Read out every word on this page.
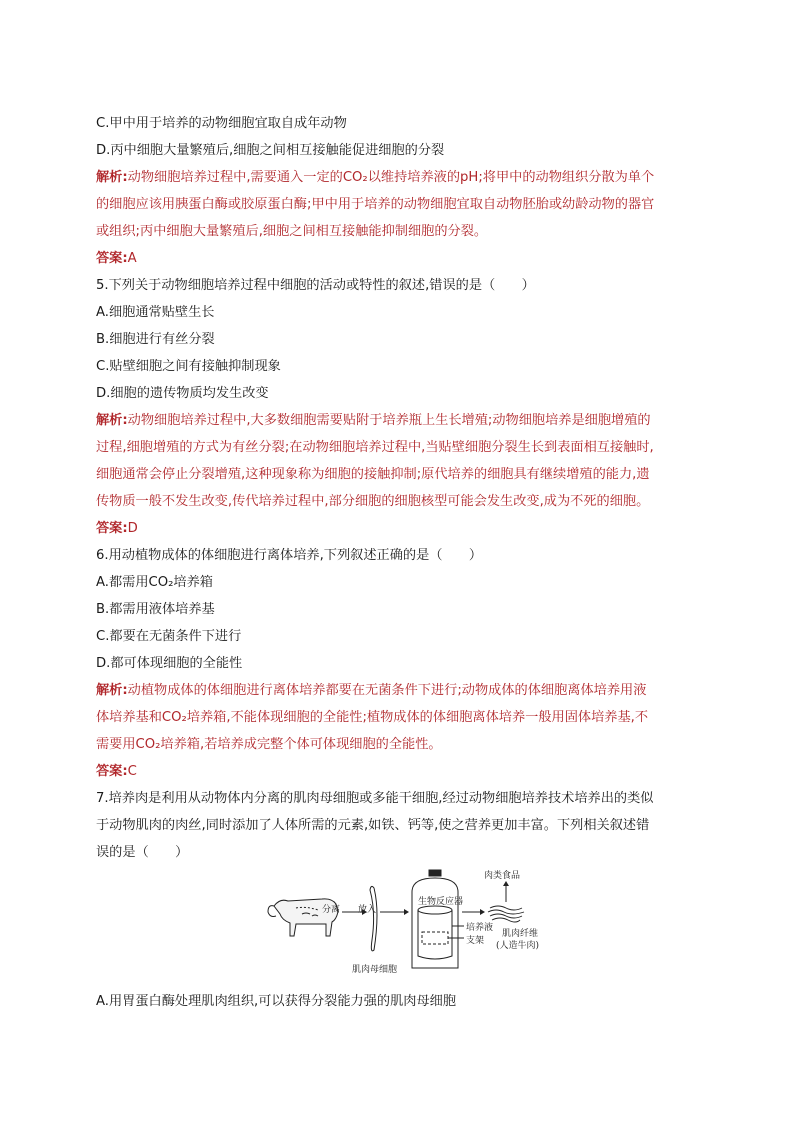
C.甲中用于培养的动物细胞宜取自成年动物
D.丙中细胞大量繁殖后,细胞之间相互接触能促进细胞的分裂
解析:动物细胞培养过程中,需要通入一定的CO₂以维持培养液的pH;将甲中的动物组织分散为单个
的细胞应该用胰蛋白酶或胶原蛋白酶;甲中用于培养的动物细胞宜取自动物胚胎或幼龄动物的器官
或组织;丙中细胞大量繁殖后,细胞之间相互接触能抑制细胞的分裂。
答案:A
5.下列关于动物细胞培养过程中细胞的活动或特性的叙述,错误的是（　　）
A.细胞通常贴壁生长
B.细胞进行有丝分裂
C.贴壁细胞之间有接触抑制现象
D.细胞的遗传物质均发生改变
解析:动物细胞培养过程中,大多数细胞需要贴附于培养瓶上生长增殖;动物细胞培养是细胞增殖的
过程,细胞增殖的方式为有丝分裂;在动物细胞培养过程中,当贴壁细胞分裂生长到表面相互接触时,
细胞通常会停止分裂增殖,这种现象称为细胞的接触抑制;原代培养的细胞具有继续增殖的能力,遗
传物质一般不发生改变,传代培养过程中,部分细胞的细胞核型可能会发生改变,成为不死的细胞。
答案:D
6.用动植物成体的体细胞进行离体培养,下列叙述正确的是（　　）
A.都需用CO₂培养箱
B.都需用液体培养基
C.都要在无菌条件下进行
D.都可体现细胞的全能性
解析:动植物成体的体细胞进行离体培养都要在无菌条件下进行;动物成体的体细胞离体培养用液
体培养基和CO₂培养箱,不能体现细胞的全能性;植物成体的体细胞离体培养一般用固体培养基,不
需要用CO₂培养箱,若培养成完整个体可体现细胞的全能性。
答案:C
7.培养肉是利用从动物体内分离的肌肉母细胞或多能干细胞,经过动物细胞培养技术培养出的类似
于动物肌肉的肉丝,同时添加了人体所需的元素,如铁、钙等,使之营养更加丰富。下列相关叙述错
误的是（　　）
分离 放入
生物反应器
培养液
支架
肉类食品
肌肉纤维
(人造牛肉)
肌肉母细胞
A.用胃蛋白酶处理肌肉组织,可以获得分裂能力强的肌肉母细胞
